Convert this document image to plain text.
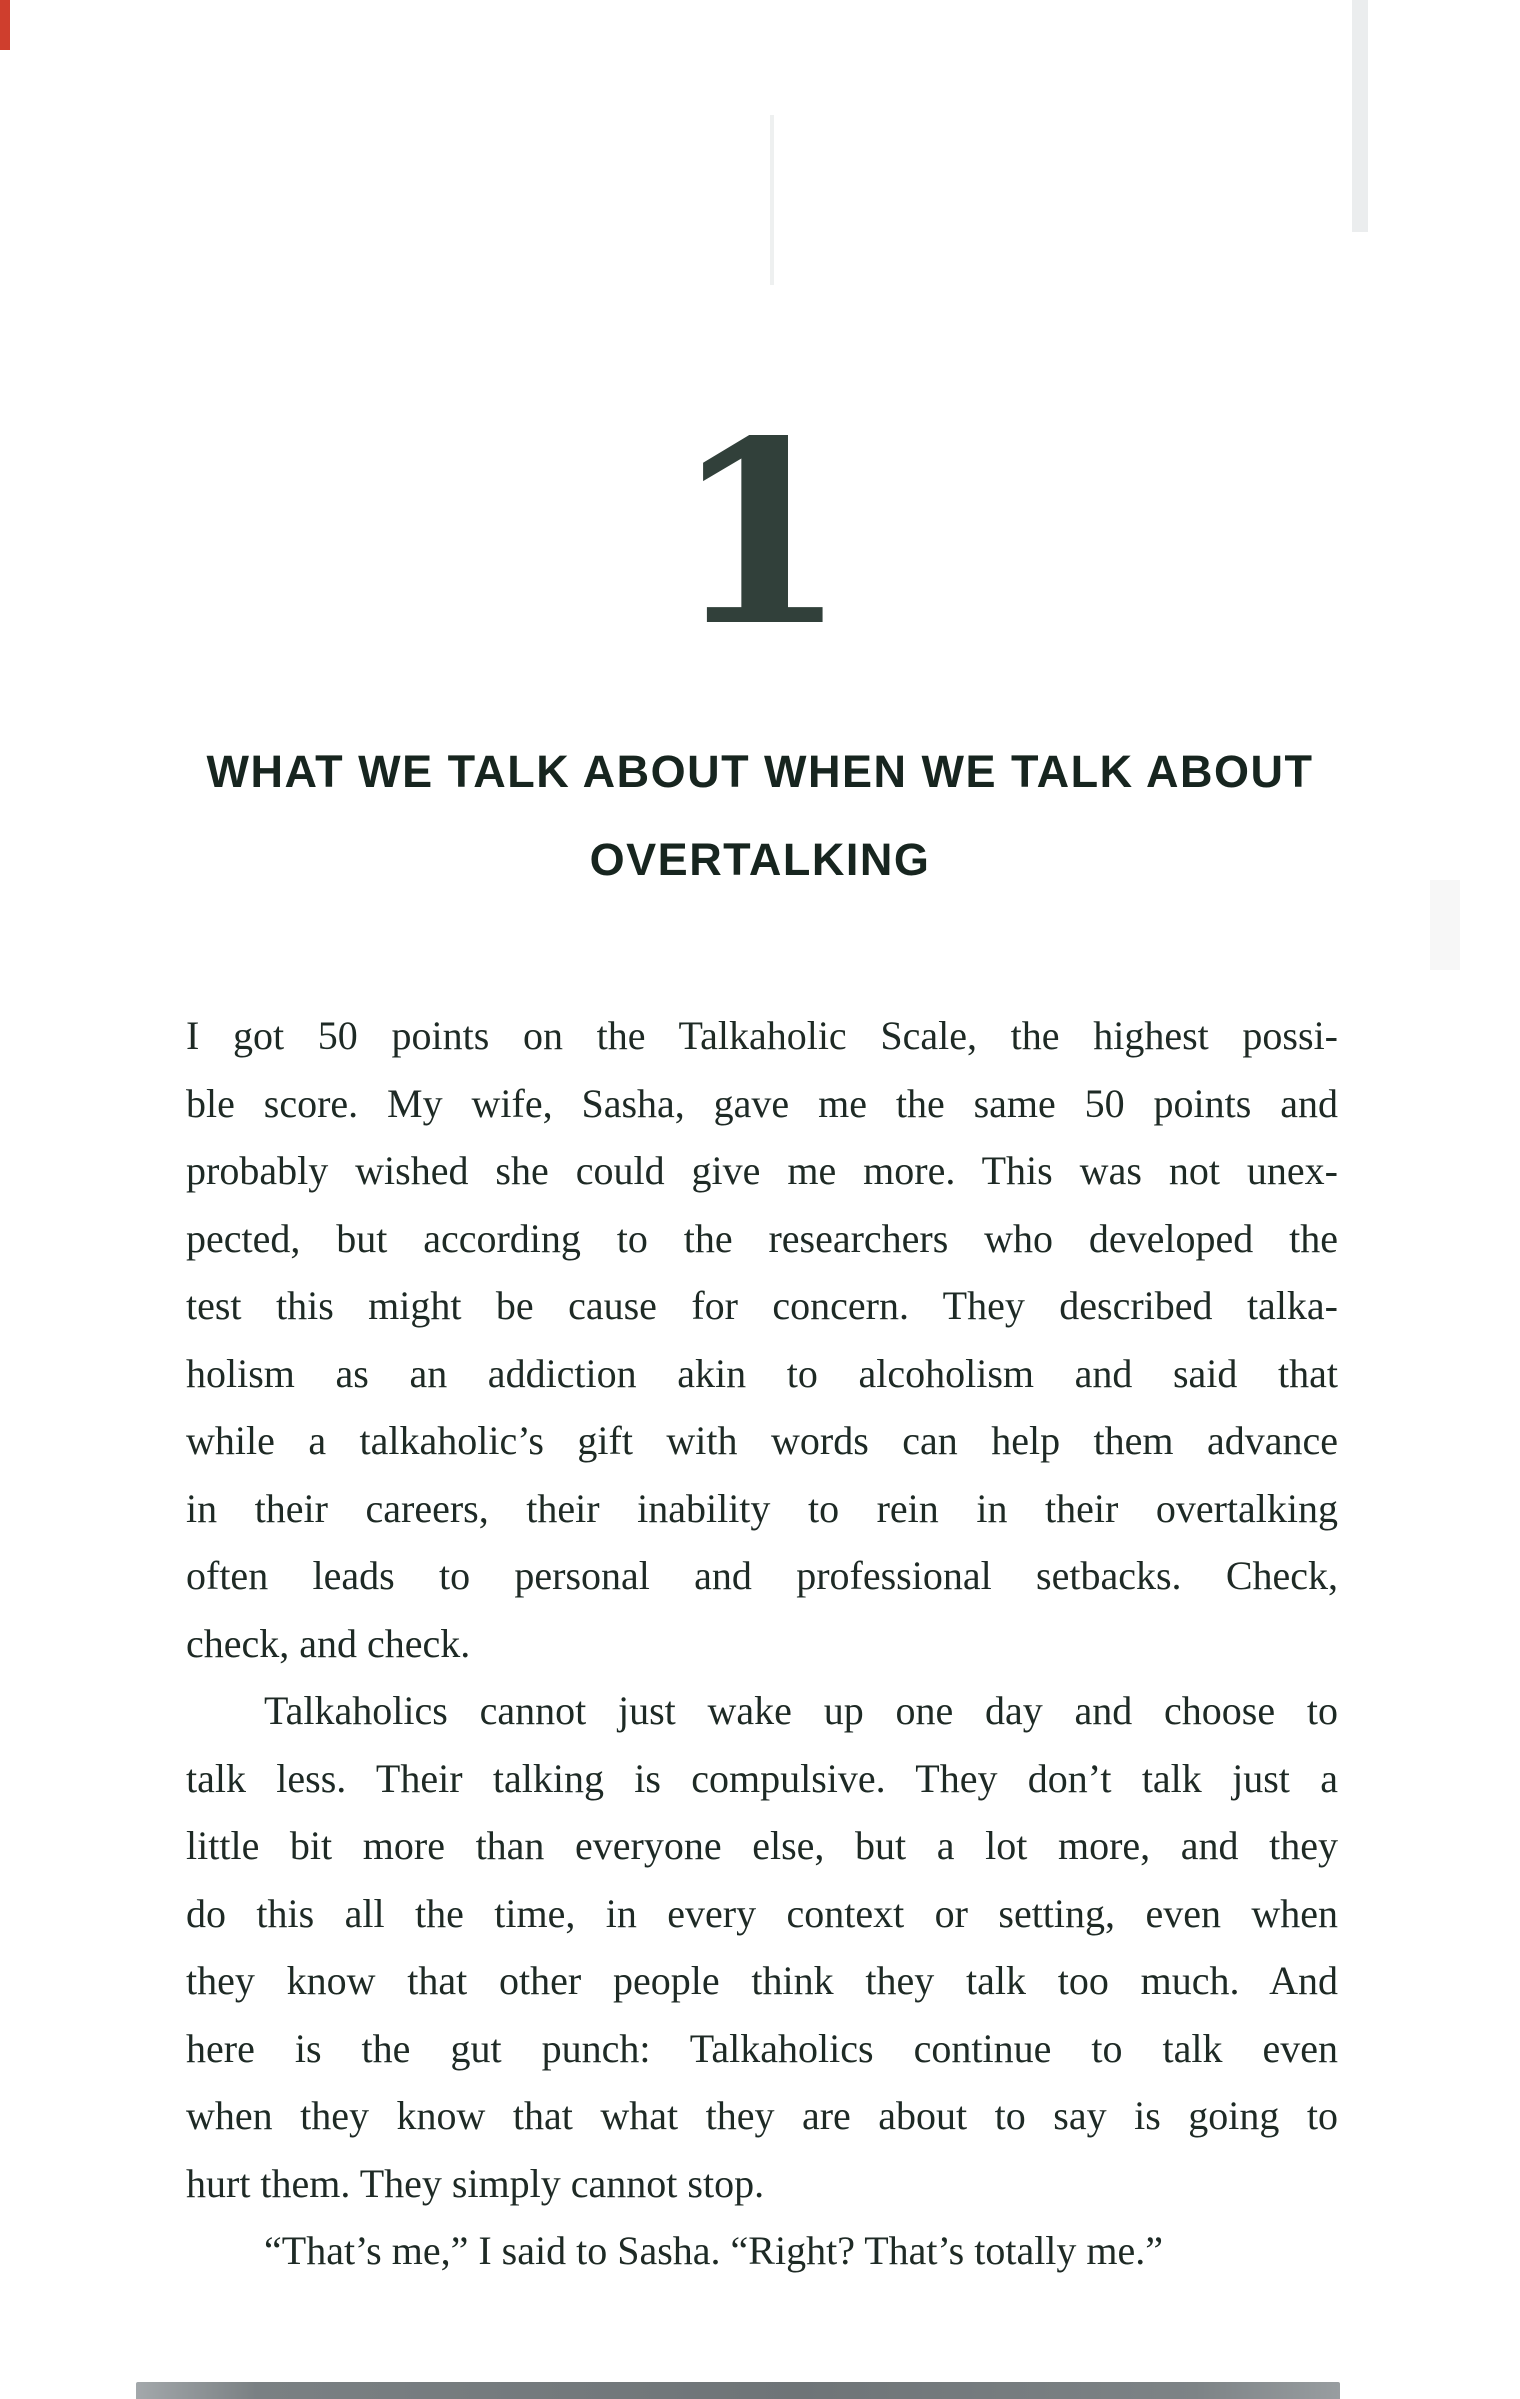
1
WHAT WE TALK ABOUT WHEN WE TALK ABOUT
OVERTALKING
I got 50 points on the Talkaholic Scale, the highest possi-
ble score. My wife, Sasha, gave me the same 50 points and
probably wished she could give me more. This was not unex-
pected, but according to the researchers who developed the
test this might be cause for concern. They described talka-
holism as an addiction akin to alcoholism and said that
while a talkaholic’s gift with words can help them advance
in their careers, their inability to rein in their overtalking
often leads to personal and professional setbacks. Check,
check, and check.
Talkaholics cannot just wake up one day and choose to
talk less. Their talking is compulsive. They don’t talk just a
little bit more than everyone else, but a lot more, and they
do this all the time, in every context or setting, even when
they know that other people think they talk too much. And
here is the gut punch: Talkaholics continue to talk even
when they know that what they are about to say is going to
hurt them. They simply cannot stop.
“That’s me,” I said to Sasha. “Right? That’s totally me.”
